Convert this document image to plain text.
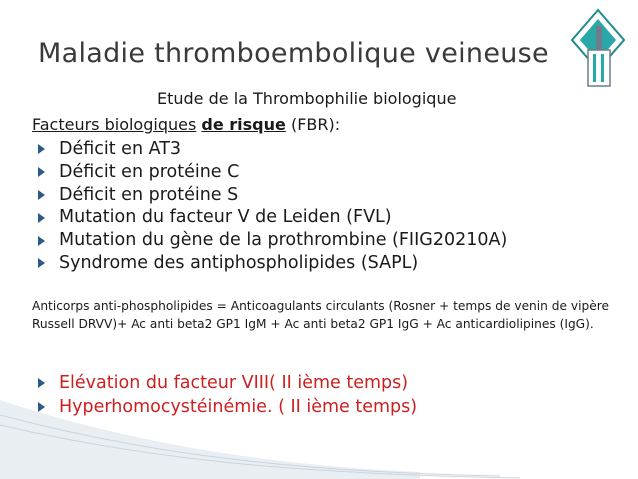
Maladie thromboembolique veineuse
Etude de la Thrombophilie biologique
Facteurs biologiques de risque (FBR):
Déficit en AT3
Déficit en protéine C
Déficit en protéine S
Mutation du facteur V de Leiden (FVL)
Mutation du gène de la prothrombine (FIIG20210A)
Syndrome des antiphospholipides (SAPL)
Anticorps anti-phospholipides = Anticoagulants circulants (Rosner + temps de venin de vipère Russell DRVV)+ Ac anti beta2 GP1 IgM + Ac anti beta2 GP1 IgG + Ac anticardiolipines (IgG).
Elévation du facteur VIII( II ième temps)
Hyperhomocystéinémie. ( II ième temps)
